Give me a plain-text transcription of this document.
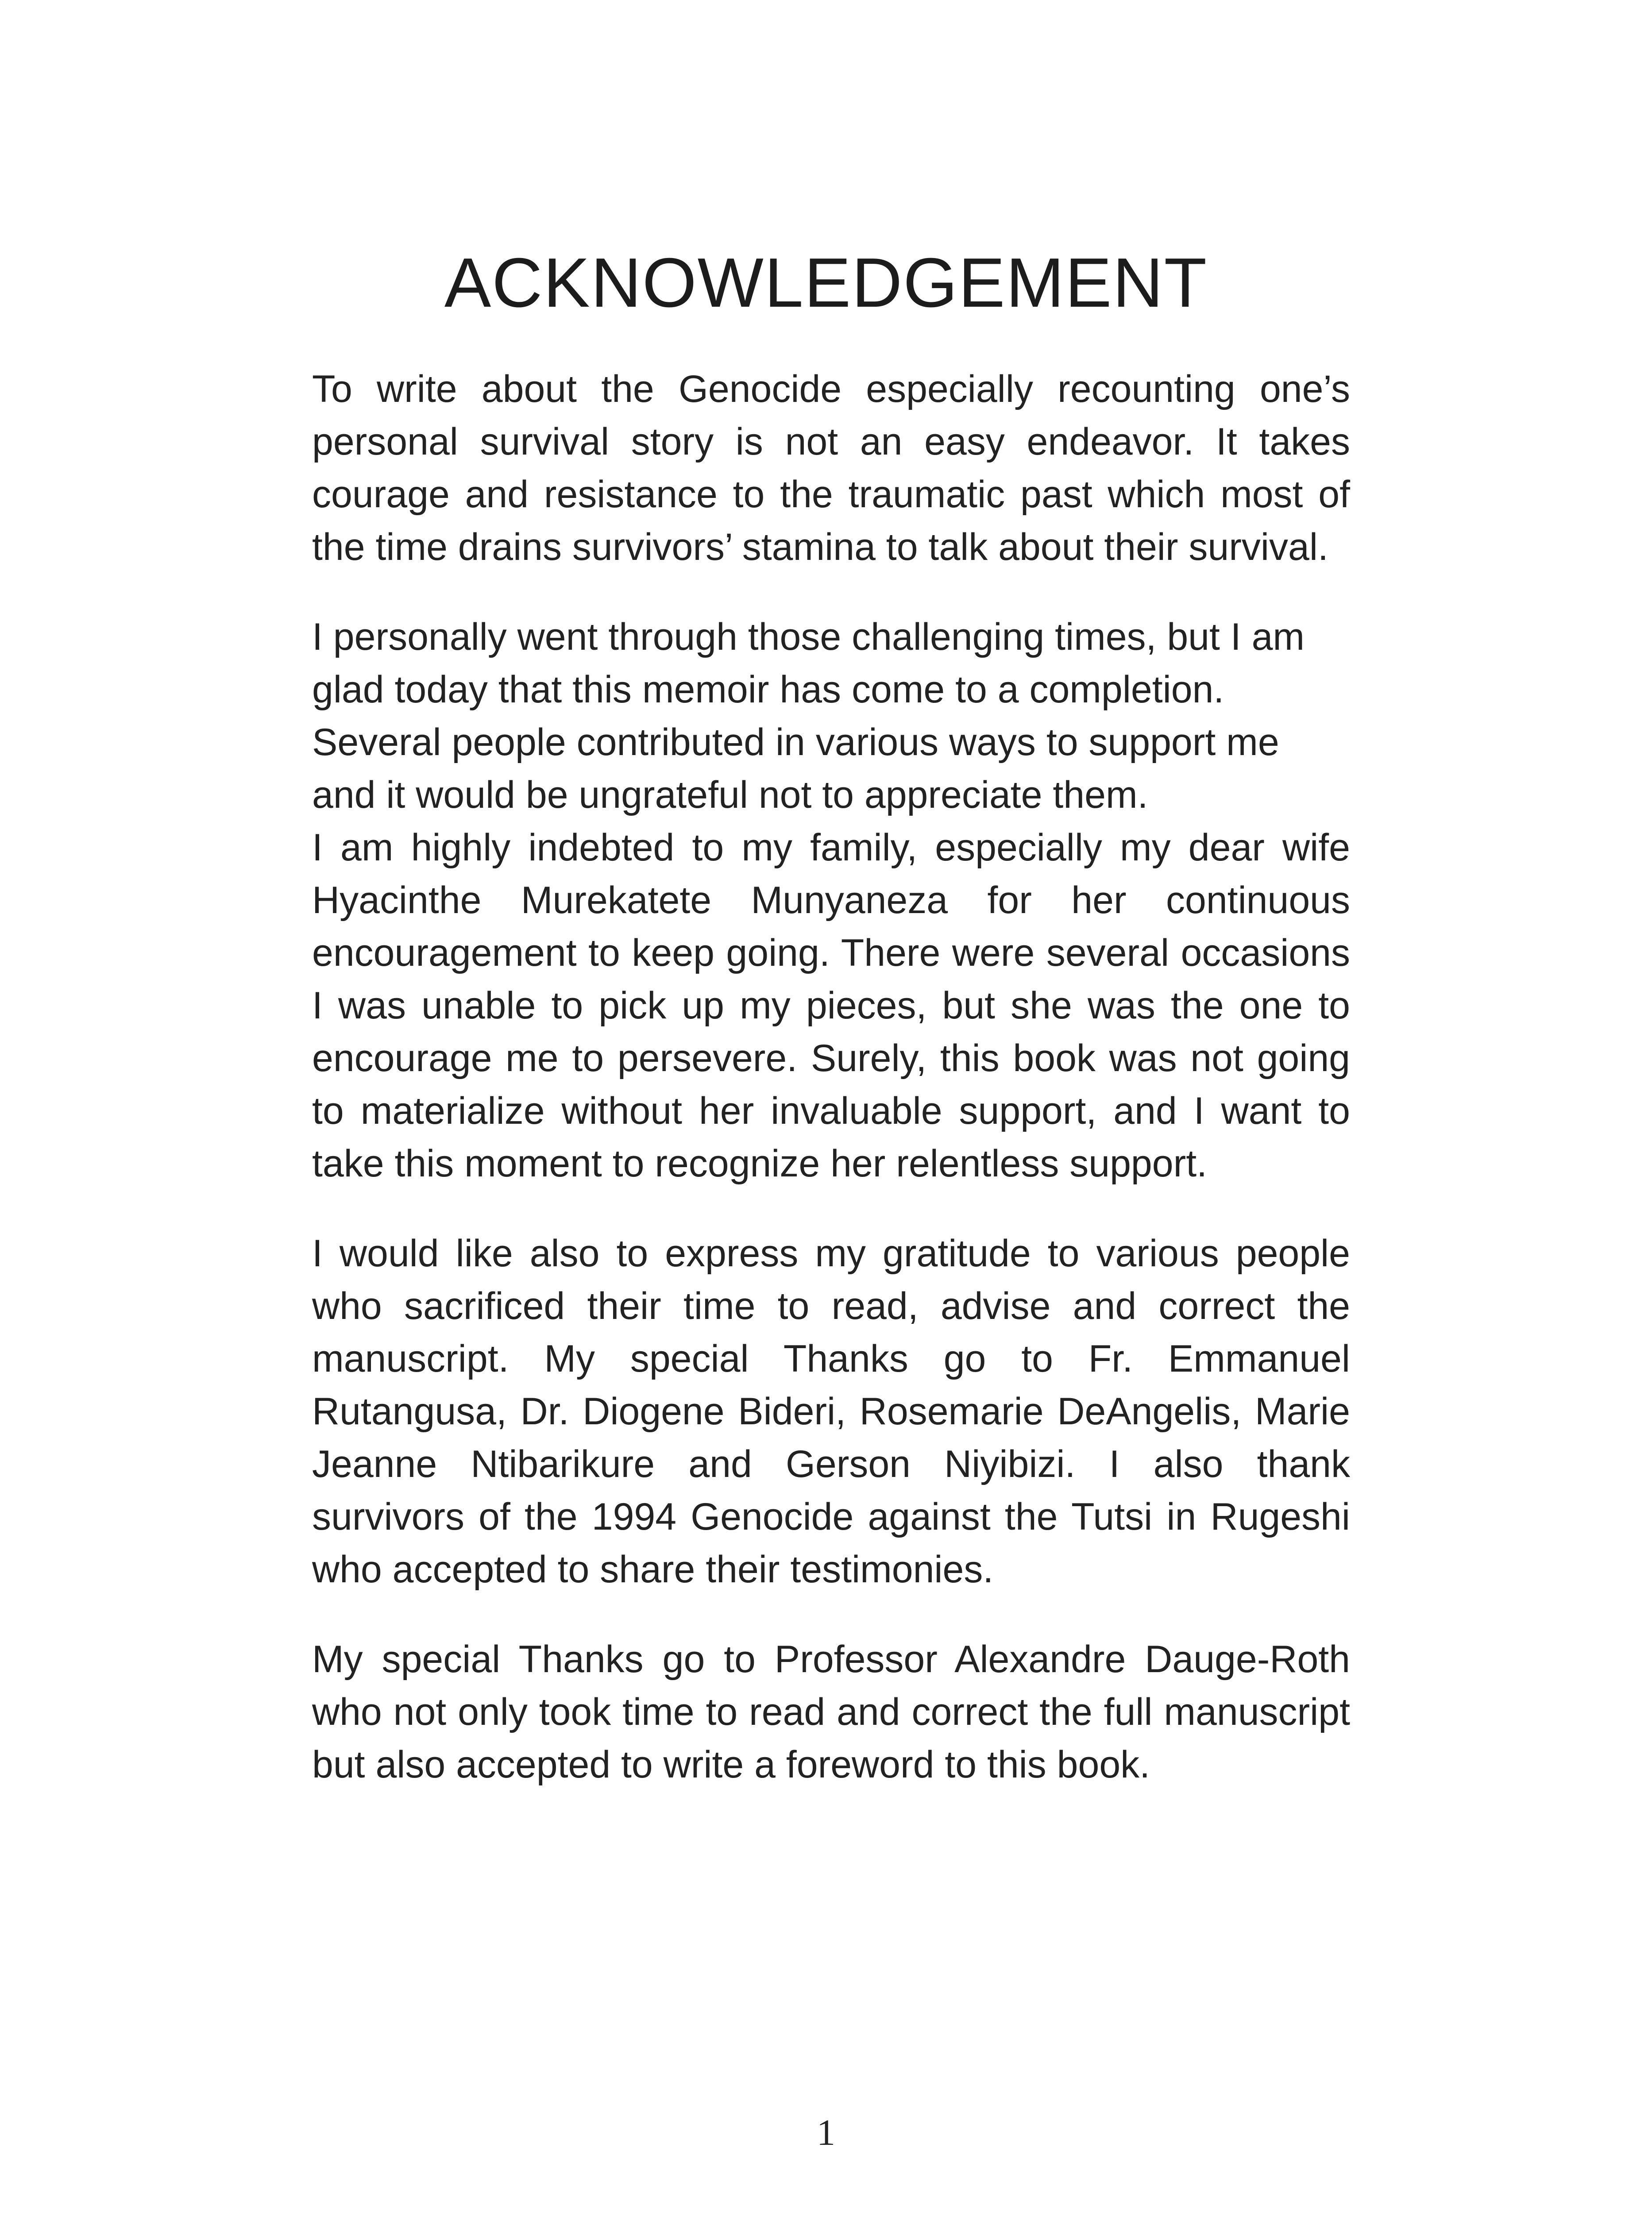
ACKNOWLEDGEMENT

To write about the Genocide especially recounting one’s personal survival story is not an easy endeavor. It takes courage and resistance to the traumatic past which most of the time drains survivors’ stamina to talk about their survival.

I personally went through those challenging times, but I am glad today that this memoir has come to a completion. Several people contributed in various ways to support me and it would be ungrateful not to appreciate them.

I am highly indebted to my family, especially my dear wife Hyacinthe Murekatete Munyaneza for her continuous encouragement to keep going. There were several occasions I was unable to pick up my pieces, but she was the one to encourage me to persevere. Surely, this book was not going to materialize without her invaluable support, and I want to take this moment to recognize her relentless support.

I would like also to express my gratitude to various people who sacrificed their time to read, advise and correct the manuscript. My special Thanks go to Fr. Emmanuel Rutangusa, Dr. Diogene Bideri, Rosemarie DeAngelis, Marie Jeanne Ntibarikure and Gerson Niyibizi. I also thank survivors of the 1994 Genocide against the Tutsi in Rugeshi who accepted to share their testimonies.

My special Thanks go to Professor Alexandre Dauge-Roth who not only took time to read and correct the full manuscript but also accepted to write a foreword to this book.

1
